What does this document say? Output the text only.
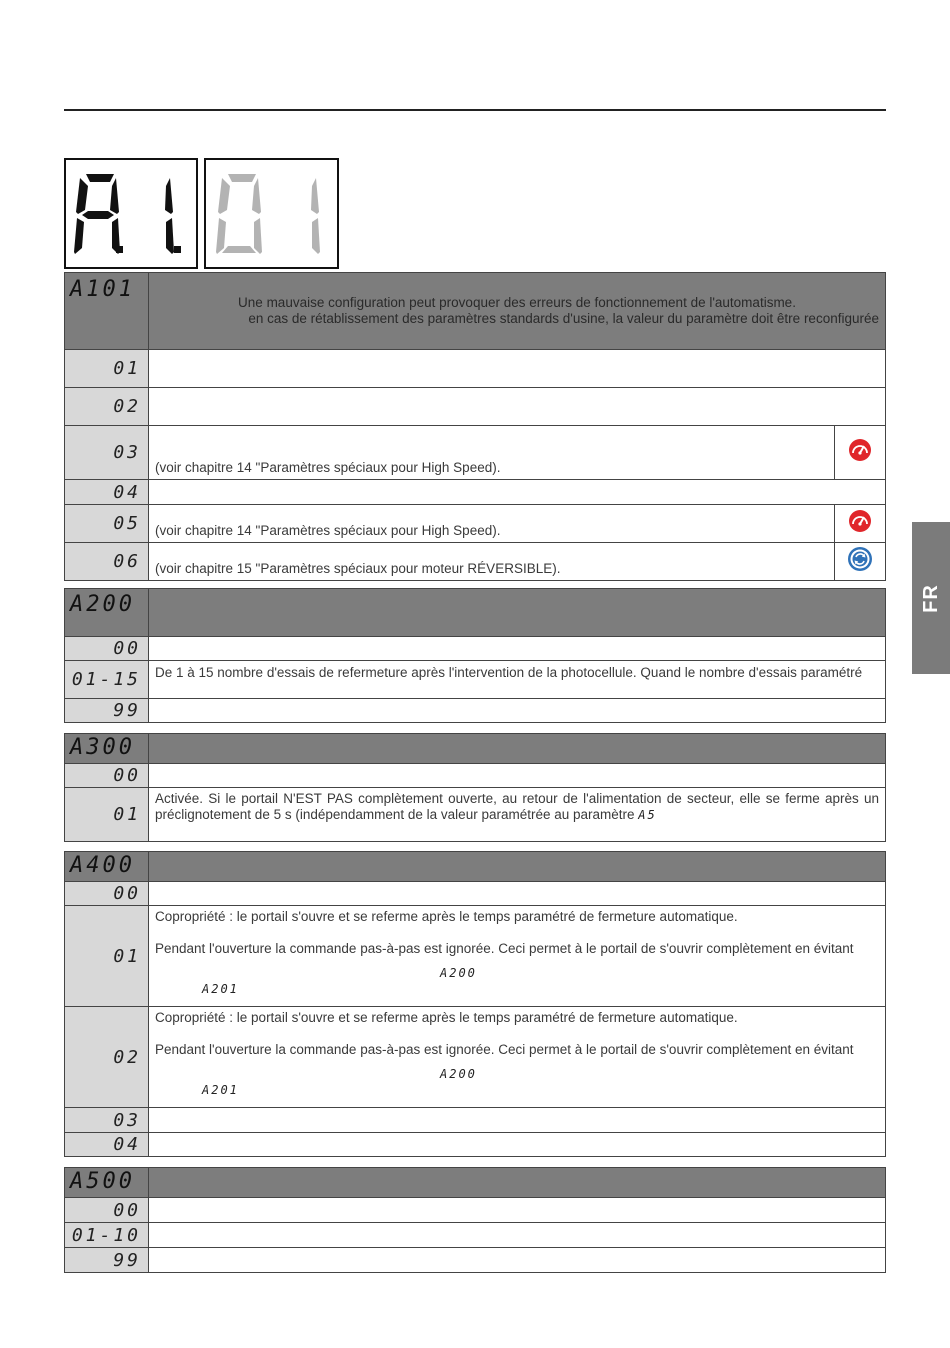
FR
A101	Une mauvaise configuration peut provoquer des erreurs de fonctionnement de l'automatisme.
en cas de rétablissement des paramètres standards d'usine, la valeur du paramètre doit être reconfigurée	

01		
02		
03	(voir chapitre 14 "Paramètres spéciaux pour High Speed).	
04		
05	(voir chapitre 14 "Paramètres spéciaux pour High Speed).	
06	(voir chapitre 15 "Paramètres spéciaux pour moteur RÉVERSIBLE).	
A200	
00	
01-15	De 1 à 15 nombre d'essais de refermeture après l'intervention de la photocellule. Quand le nombre d'essais paramétré
99	
A300	
00	
01	Activée. Si le portail N'EST PAS complètement ouverte, au retour de l'alimentation de secteur, elle se ferme après un préclignotement de 5 s (indépendamment de la valeur paramétrée au paramètre A5
A400	
00	
01	Copropriété : le portail s'ouvre et se referme après le temps paramétré de fermeture automatique.
Pendant l'ouverture la commande pas-à-pas est ignorée. Ceci permet à le portail de s'ouvrir complètement en évitant
A200
A201

02	Copropriété : le portail s'ouvre et se referme après le temps paramétré de fermeture automatique.
Pendant l'ouverture la commande pas-à-pas est ignorée. Ceci permet à le portail de s'ouvrir complètement en évitant
A200
A201

03	
04	
A500	
00	
01-10	
99	
